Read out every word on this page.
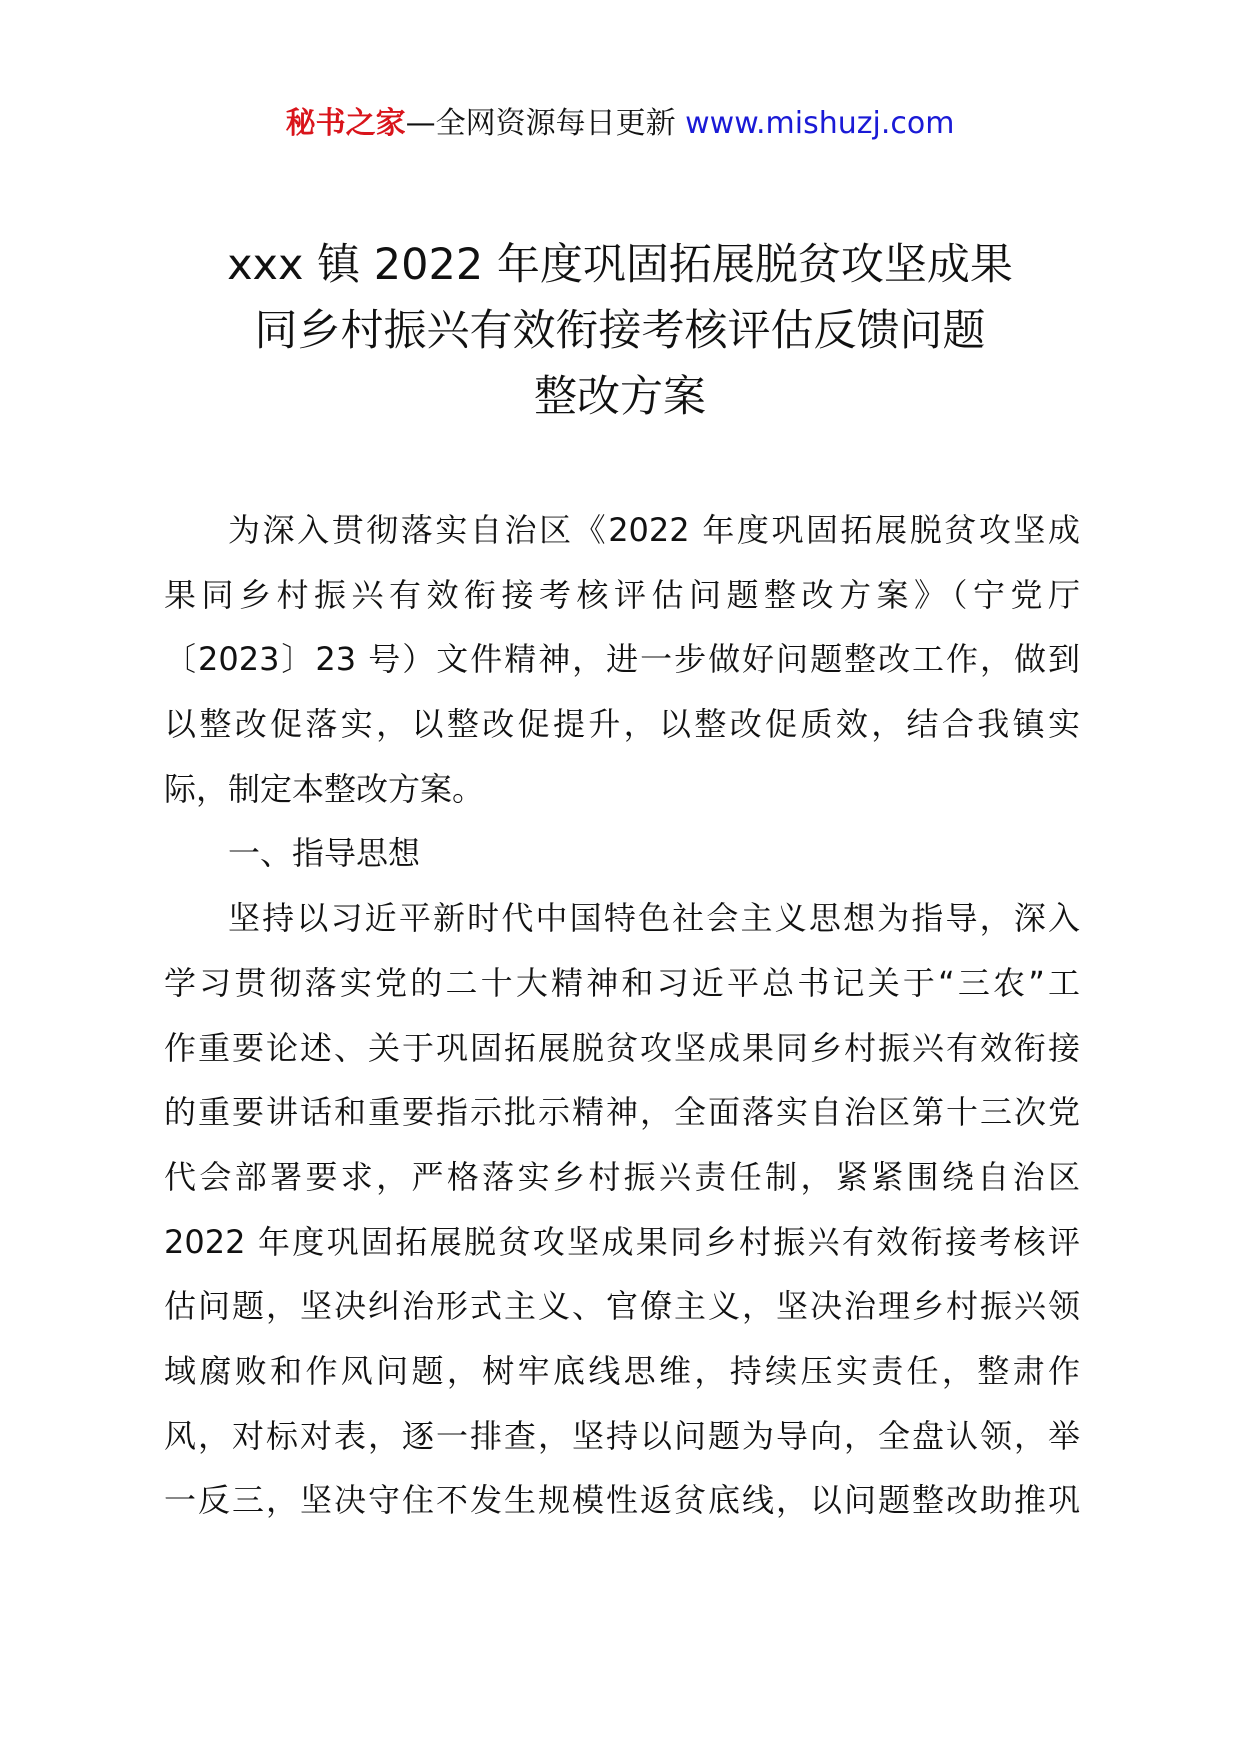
秘书之家—全网资源每日更新 www.mishuzj.com
xxx 镇 2022 年度巩固拓展脱贫攻坚成果
同乡村振兴有效衔接考核评估反馈问题
整改方案
为深入贯彻落实自治区《2022 年度巩固拓展脱贫攻坚成
果同乡村振兴有效衔接考核评估问题整改方案》（宁党厅
〔2023〕23 号）文件精神，进一步做好问题整改工作，做到
以整改促落实，以整改促提升，以整改促质效，结合我镇实
际，制定本整改方案。
一、指导思想
坚持以习近平新时代中国特色社会主义思想为指导，深入
学习贯彻落实党的二十大精神和习近平总书记关于“三农”工
作重要论述、关于巩固拓展脱贫攻坚成果同乡村振兴有效衔接
的重要讲话和重要指示批示精神，全面落实自治区第十三次党
代会部署要求，严格落实乡村振兴责任制，紧紧围绕自治区
2022 年度巩固拓展脱贫攻坚成果同乡村振兴有效衔接考核评
估问题，坚决纠治形式主义、官僚主义，坚决治理乡村振兴领
域腐败和作风问题，树牢底线思维，持续压实责任，整肃作
风，对标对表，逐一排查，坚持以问题为导向，全盘认领，举
一反三，坚决守住不发生规模性返贫底线，以问题整改助推巩
